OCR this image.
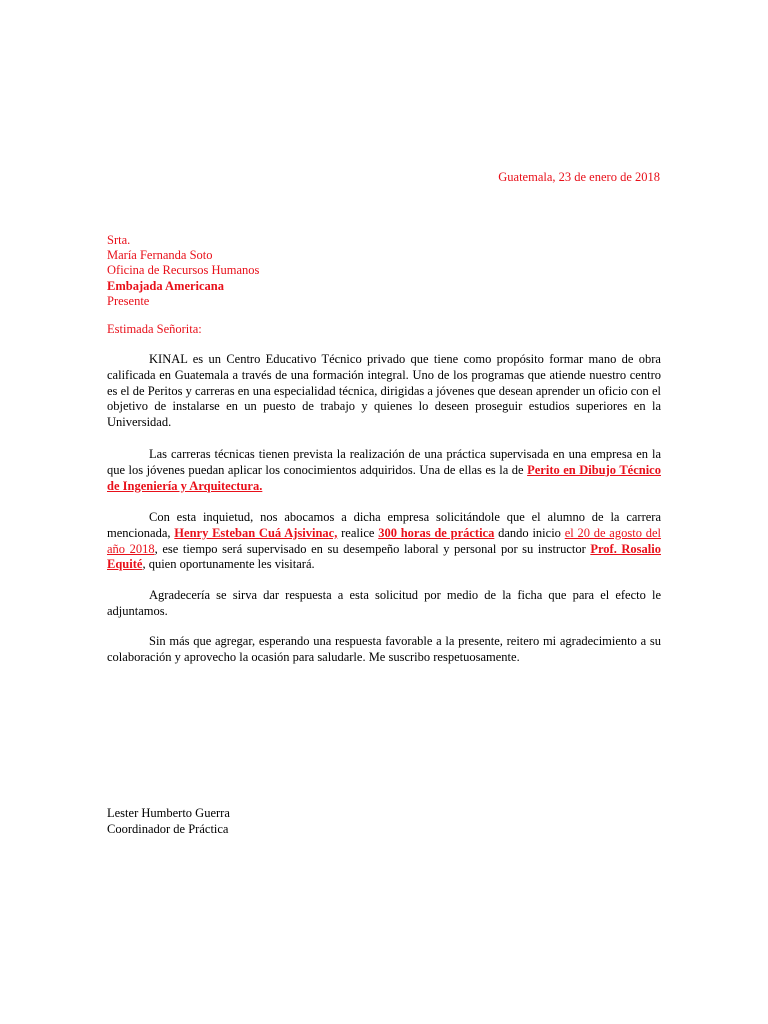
Guatemala, 23 de enero de 2018
Srta.
María Fernanda Soto
Oficina de Recursos Humanos
Embajada Americana
Presente
Estimada Señorita:
KINAL es un Centro Educativo Técnico privado que tiene como propósito formar mano de obra calificada en Guatemala a través de una formación integral. Uno de los programas que atiende nuestro centro es el de Peritos y carreras en una especialidad técnica, dirigidas a jóvenes que desean aprender un oficio con el objetivo de instalarse en un puesto de trabajo y quienes lo deseen proseguir estudios superiores en la Universidad.
Las carreras técnicas tienen prevista la realización de una práctica supervisada en una empresa en la que los jóvenes puedan aplicar los conocimientos adquiridos. Una de ellas es la de Perito en Dibujo Técnico de Ingeniería y Arquitectura.
Con esta inquietud, nos abocamos a dicha empresa solicitándole que el alumno de la carrera mencionada, Henry Esteban Cuá Ajsivinac, realice 300 horas de práctica dando inicio el 20 de agosto del año 2018, ese tiempo será supervisado en su desempeño laboral y personal por su instructor Prof. Rosalio Equité, quien oportunamente les visitará.
Agradecería se sirva dar respuesta a esta solicitud por medio de la ficha que para el efecto le adjuntamos.
Sin más que agregar, esperando una respuesta favorable a la presente, reitero mi agradecimiento a su colaboración y aprovecho la ocasión para saludarle. Me suscribo respetuosamente.
Lester Humberto Guerra
Coordinador de Práctica
